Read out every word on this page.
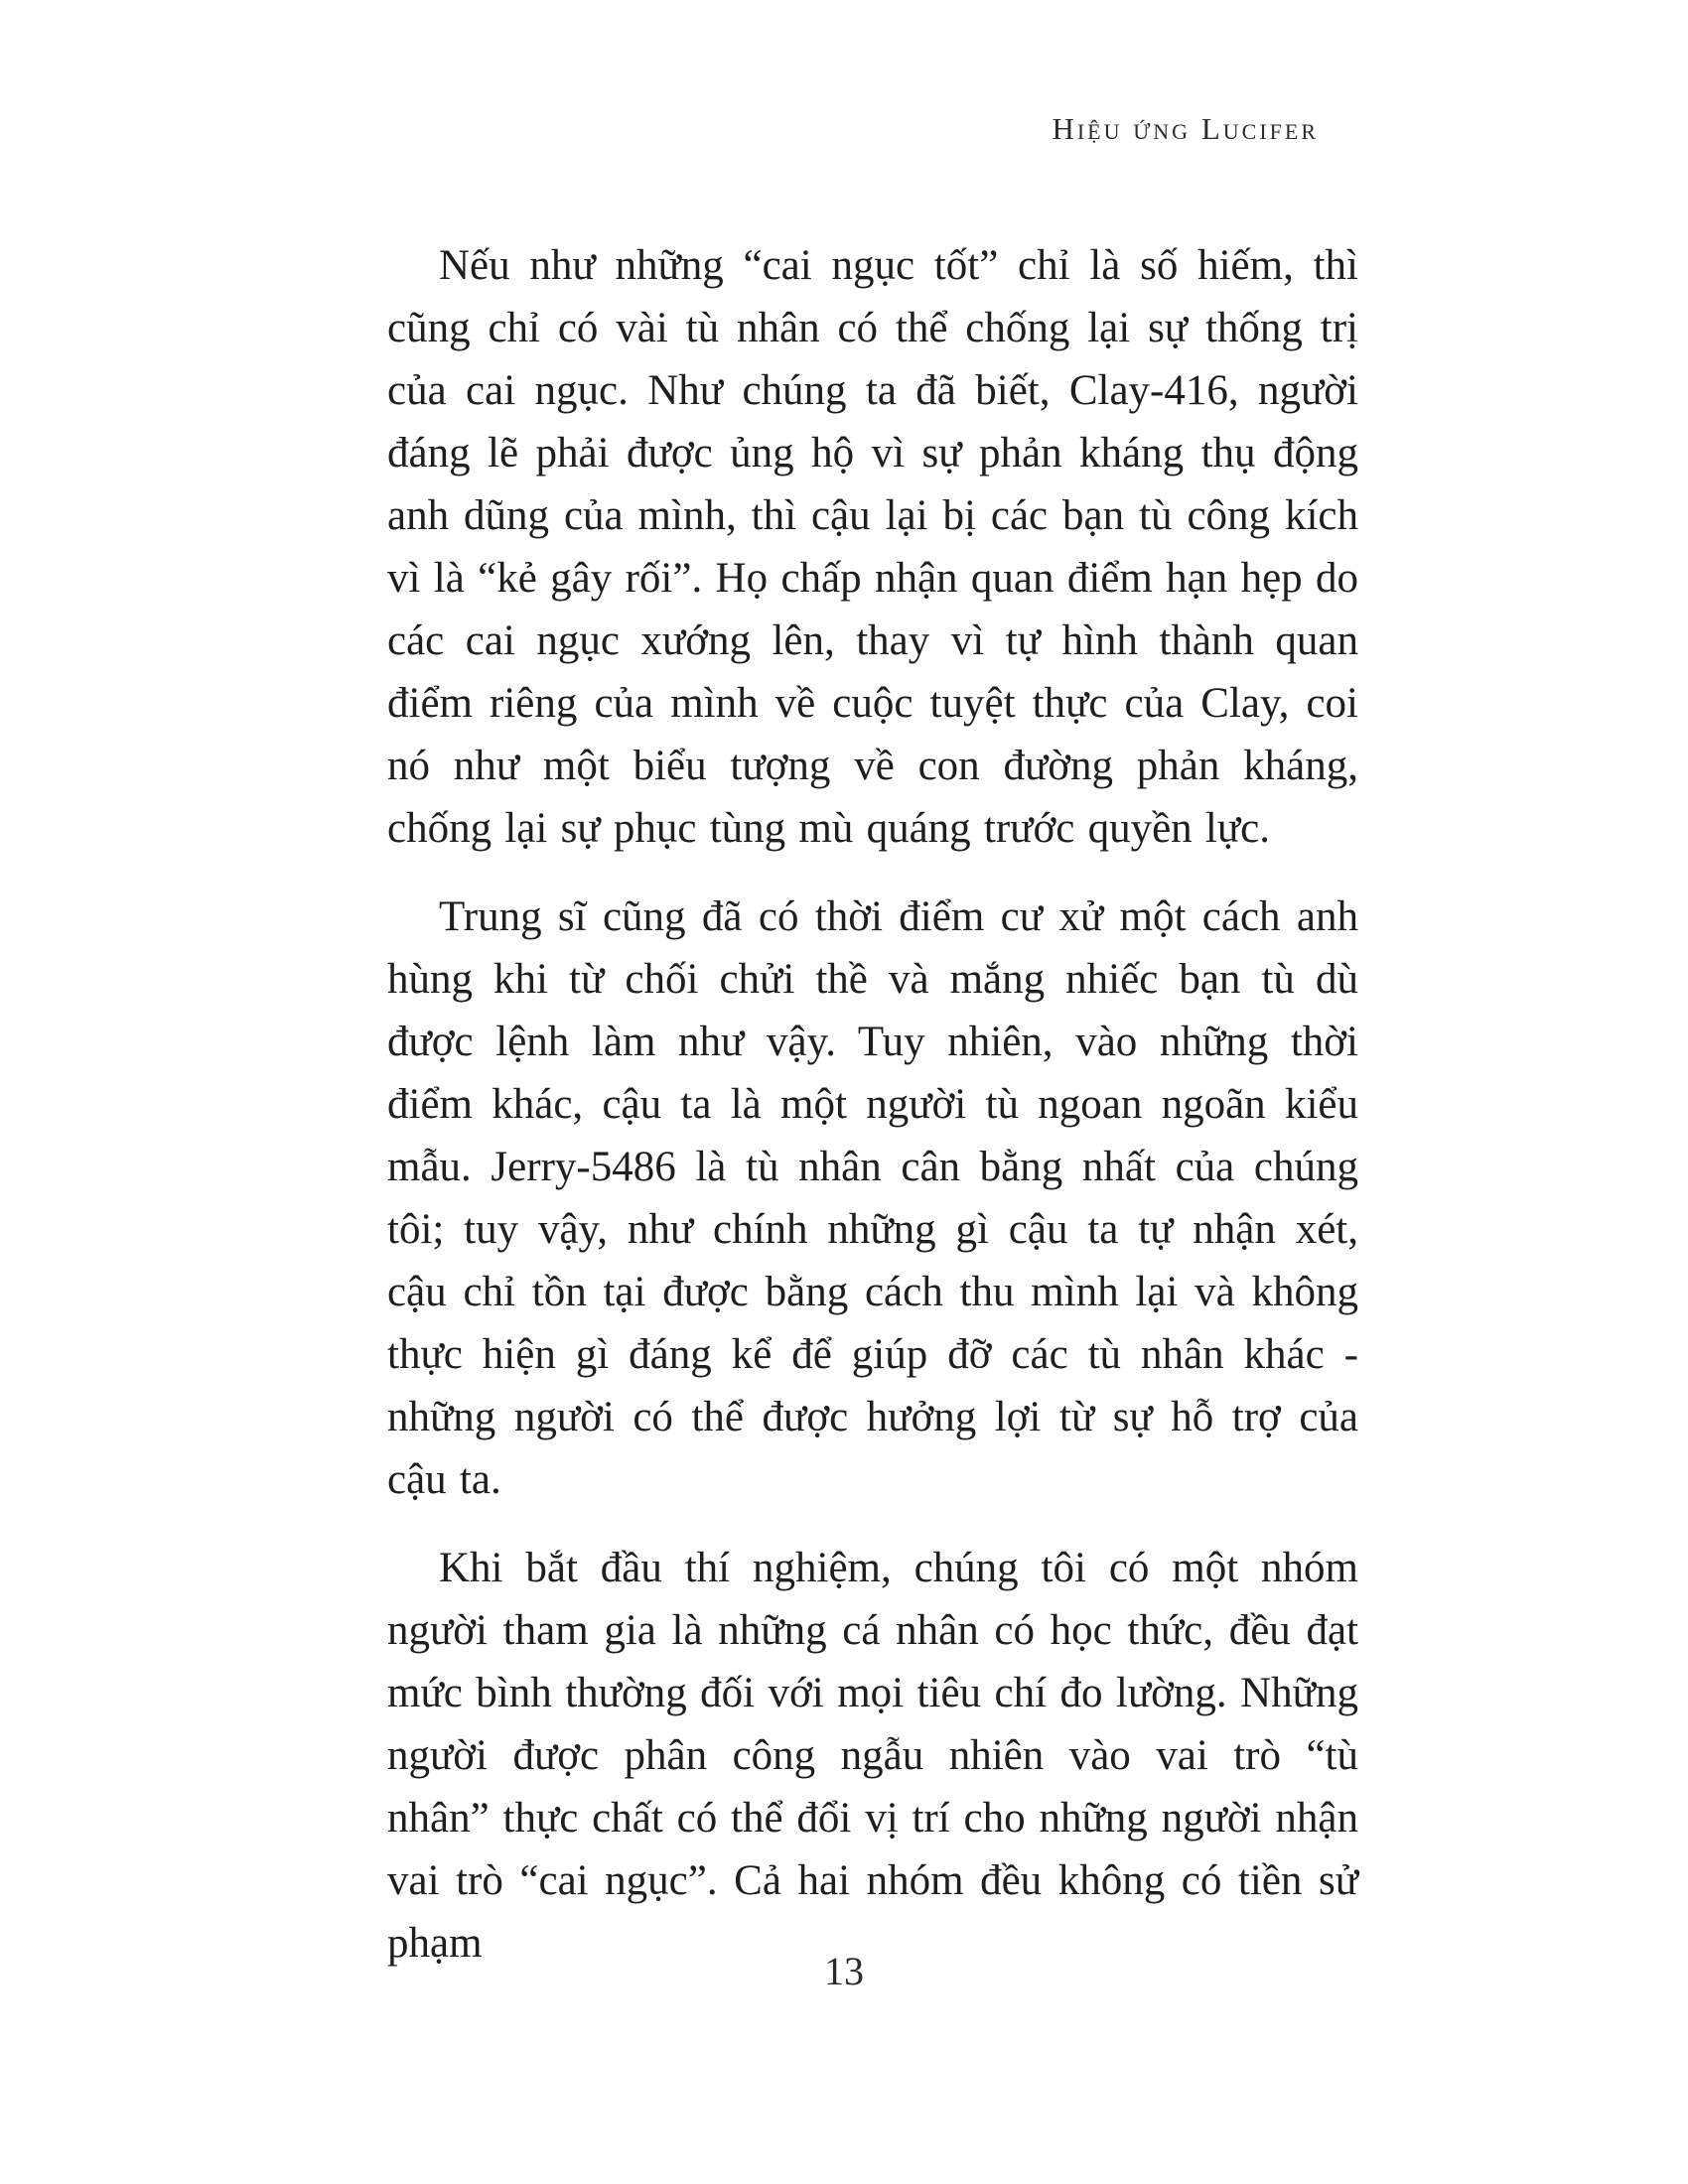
Hiệu ứng Lucifer

Nếu như những “cai ngục tốt” chỉ là số hiếm, thì cũng chỉ có vài tù nhân có thể chống lại sự thống trị của cai ngục. Như chúng ta đã biết, Clay-416, người đáng lẽ phải được ủng hộ vì sự phản kháng thụ động anh dũng của mình, thì cậu lại bị các bạn tù công kích vì là “kẻ gây rối”. Họ chấp nhận quan điểm hạn hẹp do các cai ngục xướng lên, thay vì tự hình thành quan điểm riêng của mình về cuộc tuyệt thực của Clay, coi nó như một biểu tượng về con đường phản kháng, chống lại sự phục tùng mù quáng trước quyền lực.

Trung sĩ cũng đã có thời điểm cư xử một cách anh hùng khi từ chối chửi thề và mắng nhiếc bạn tù dù được lệnh làm như vậy. Tuy nhiên, vào những thời điểm khác, cậu ta là một người tù ngoan ngoãn kiểu mẫu. Jerry-5486 là tù nhân cân bằng nhất của chúng tôi; tuy vậy, như chính những gì cậu ta tự nhận xét, cậu chỉ tồn tại được bằng cách thu mình lại và không thực hiện gì đáng kể để giúp đỡ các tù nhân khác - những người có thể được hưởng lợi từ sự hỗ trợ của cậu ta.

Khi bắt đầu thí nghiệm, chúng tôi có một nhóm người tham gia là những cá nhân có học thức, đều đạt mức bình thường đối với mọi tiêu chí đo lường. Những người được phân công ngẫu nhiên vào vai trò “tù nhân” thực chất có thể đổi vị trí cho những người nhận vai trò “cai ngục”. Cả hai nhóm đều không có tiền sử phạm

13
